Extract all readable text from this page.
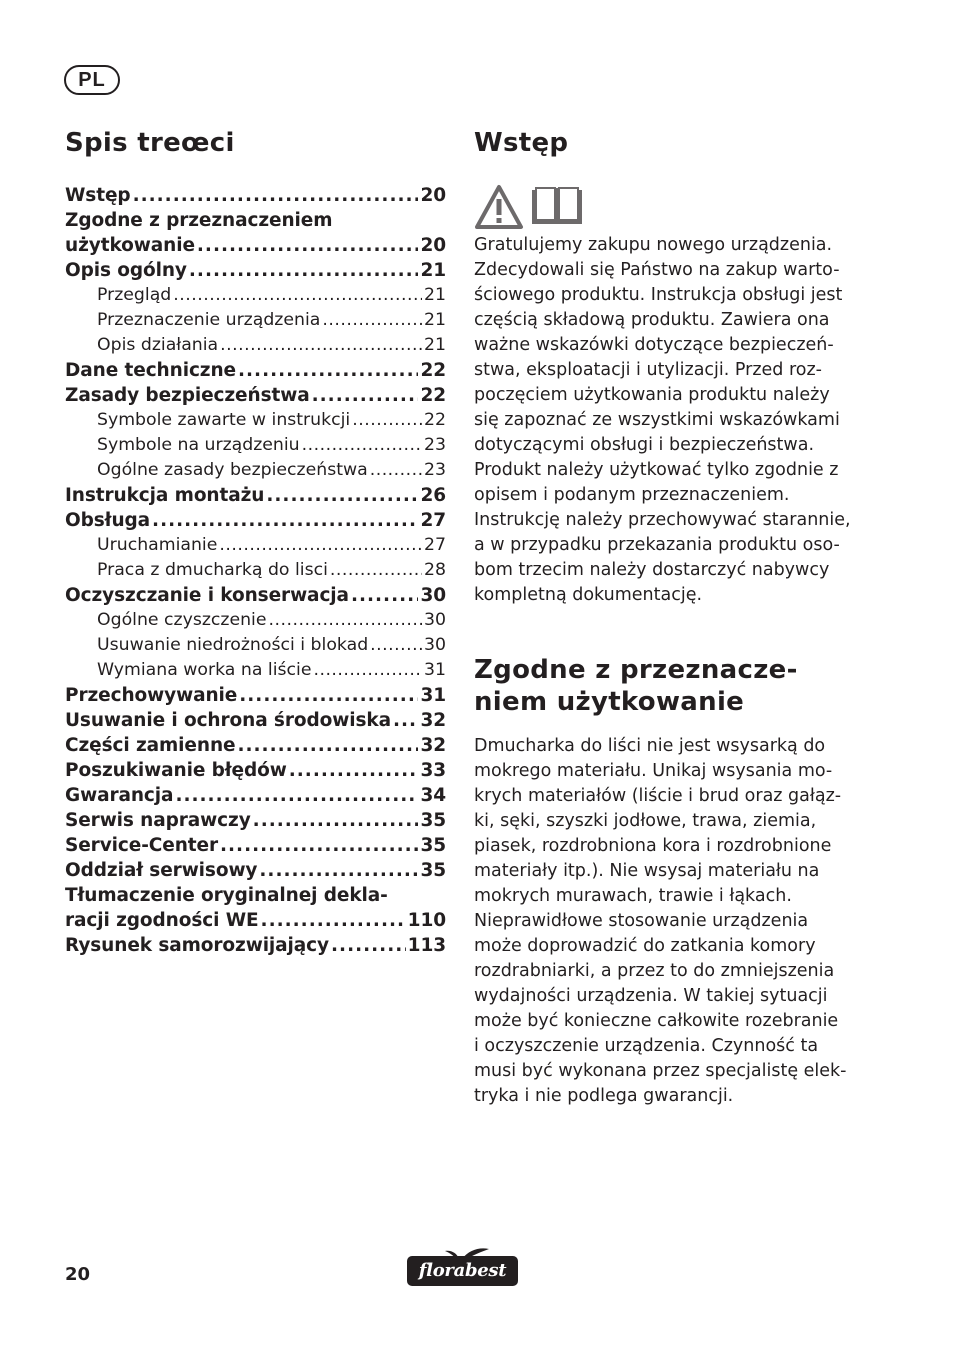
PL
Spis treœci
Wstęp .....	20
Zgodne z przeznaczeniem
użytkowanie .....	20
Opis ogólny .....	21
Przegląd .....	21
Przeznaczenie urządzenia .....	21
Opis działania .....	21
Dane techniczne .....	22
Zasady bezpieczeństwa .....	22
Symbole zawarte w instrukcji .....	22
Symbole na urządzeniu .....	23
Ogólne zasady bezpieczeństwa .....	23
Instrukcja montażu .....	26
Obsługa .....	27
Uruchamianie .....	27
Praca z dmucharką do lisci .....	28
Oczyszczanie i konserwacja .....	30
Ogólne czyszczenie .....	30
Usuwanie niedrożności i blokad .....	30
Wymiana worka na liście .....	31
Przechowywanie .....	31
Usuwanie i ochrona środowiska ..... 32
Części zamienne .....	32
Poszukiwanie błędów .....	33
Gwarancja .....	34
Serwis naprawczy .....	35
Service-Center .....	35
Oddział serwisowy .....	35
Tłumaczenie oryginalnej dekla-
racji zgodności WE .....	110
Rysunek samorozwijający .....	113
Wstęp

Gratulujemy zakupu nowego urządzenia.
Zdecydowali się Państwo na zakup warto-
ściowego produktu. Instrukcja obsługi jest
częścią składową produktu. Zawiera ona
ważne wskazówki dotyczące bezpieczeń-
stwa, eksploatacji i utylizacji. Przed roz-
poczęciem użytkowania produktu należy
się zapoznać ze wszystkimi wskazówkami
dotyczącymi obsługi i bezpieczeństwa.
Produkt należy użytkować tylko zgodnie z
opisem i podanym przeznaczeniem.
Instrukcję należy przechowywać starannie,
a w przypadku przekazania produktu oso-
bom trzecim należy dostarczyć nabywcy
kompletną dokumentację.

Zgodne z przeznacze-
niem użytkowanie

Dmucharka do liści nie jest wsysarką do
mokrego materiału. Unikaj wsysania mo-
krych materiałów (liście i brud oraz gałąz-
ki, sęki, szyszki jodłowe, trawa, ziemia,
piasek, rozdrobniona kora i rozdrobnione
materiały itp.). Nie wsysaj materiału na
mokrych murawach, trawie i łąkach.
Nieprawidłowe stosowanie urządzenia
może doprowadzić do zatkania komory
rozdrabniarki, a przez to do zmniejszenia
wydajności urządzenia. W takiej sytuacji
może być konieczne całkowite rozebranie
i oczyszczenie urządzenia. Czynność ta
musi być wykonana przez specjalistę elek-
tryka i nie podlega gwarancji.

20	florabest
